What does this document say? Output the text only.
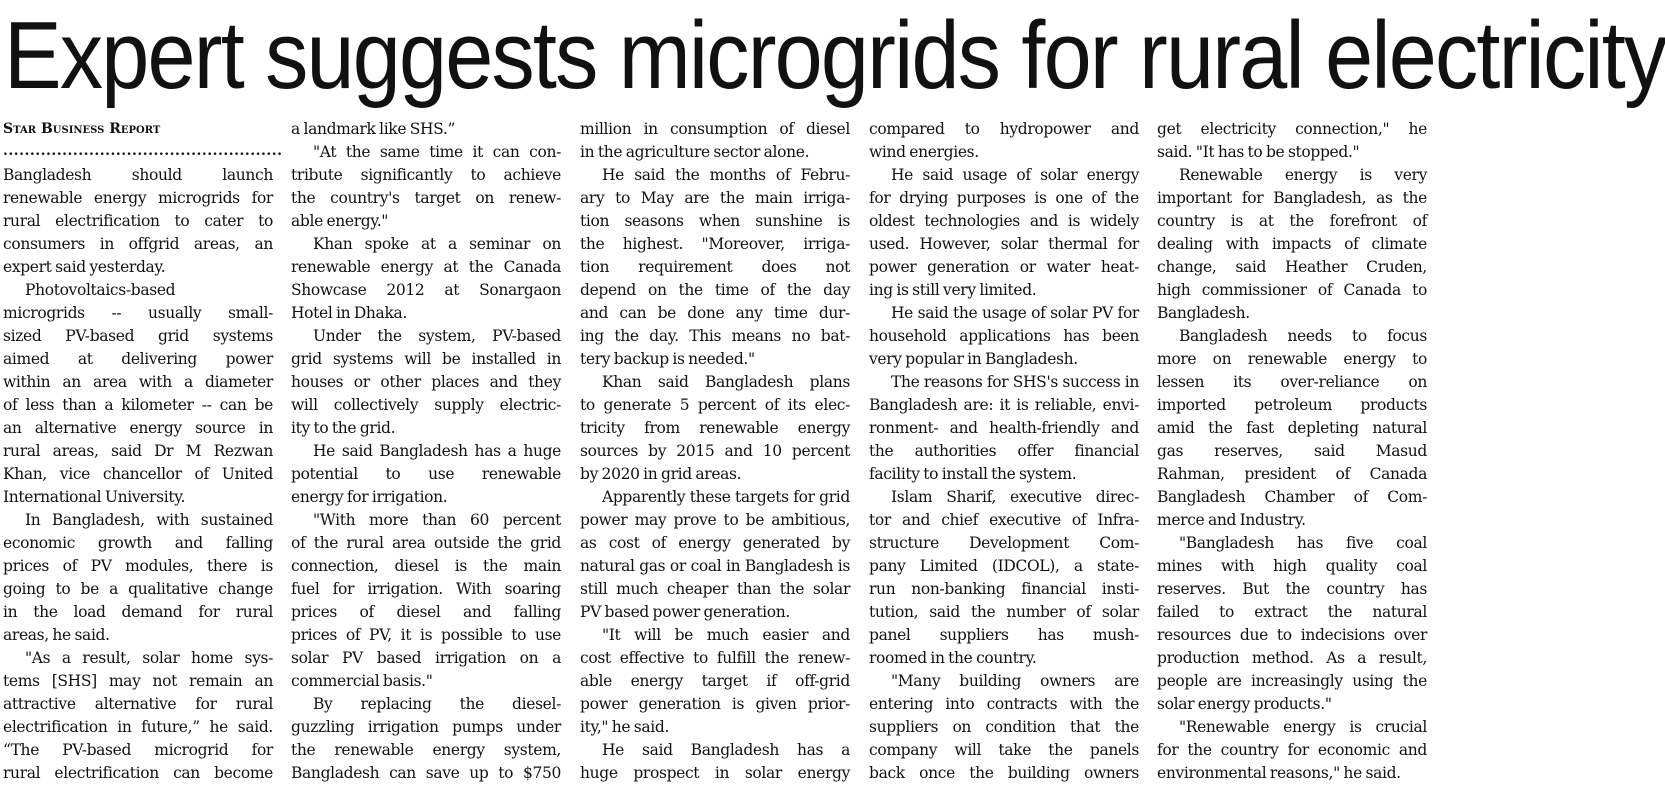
Expert suggests microgrids for rural electricity
Star Business Report
....................................................

Bangladesh should launch

renewable energy microgrids for

rural electrification to cater to

consumers in offgrid areas, an

expert said yesterday.

Photovoltaics-based

microgrids -- usually small-

sized PV-based grid systems

aimed at delivering power

within an area with a diameter

of less than a kilometer -- can be

an alternative energy source in

rural areas, said Dr M Rezwan

Khan, vice chancellor of United

International University.

In Bangladesh, with sustained

economic growth and falling

prices of PV modules, there is

going to be a qualitative change

in the load demand for rural

areas, he said.

"As a result, solar home sys-

tems [SHS] may not remain an

attractive alternative for rural

electrification in future,” he said.

“The PV-based microgrid for

rural electrification can become

a landmark like SHS.”

"At the same time it can con-

tribute significantly to achieve

the country's target on renew-

able energy."

Khan spoke at a seminar on

renewable energy at the Canada

Showcase 2012 at Sonargaon

Hotel in Dhaka.

Under the system, PV-based

grid systems will be installed in

houses or other places and they

will collectively supply electric-

ity to the grid.

He said Bangladesh has a huge

potential to use renewable

energy for irrigation.

"With more than 60 percent

of the rural area outside the grid

connection, diesel is the main

fuel for irrigation. With soaring

prices of diesel and falling

prices of PV, it is possible to use

solar PV based irrigation on a

commercial basis."

By replacing the diesel-

guzzling irrigation pumps under

the renewable energy system,

Bangladesh can save up to $750

million in consumption of diesel

in the agriculture sector alone.

He said the months of Febru-

ary to May are the main irriga-

tion seasons when sunshine is

the highest. "Moreover, irriga-

tion requirement does not

depend on the time of the day

and can be done any time dur-

ing the day. This means no bat-

tery backup is needed."

Khan said Bangladesh plans

to generate 5 percent of its elec-

tricity from renewable energy

sources by 2015 and 10 percent

by 2020 in grid areas.

Apparently these targets for grid

power may prove to be ambitious,

as cost of energy generated by

natural gas or coal in Bangladesh is

still much cheaper than the solar

PV based power generation.

"It will be much easier and

cost effective to fulfill the renew-

able energy target if off-grid

power generation is given prior-

ity," he said.

He said Bangladesh has a

huge prospect in solar energy

compared to hydropower and

wind energies.

He said usage of solar energy

for drying purposes is one of the

oldest technologies and is widely

used. However, solar thermal for

power generation or water heat-

ing is still very limited.

He said the usage of solar PV for

household applications has been

very popular in Bangladesh.

The reasons for SHS's success in

Bangladesh are: it is reliable, envi-

ronment- and health-friendly and

the authorities offer financial

facility to install the system.

Islam Sharif, executive direc-

tor and chief executive of Infra-

structure Development Com-

pany Limited (IDCOL), a state-

run non-banking financial insti-

tution, said the number of solar

panel suppliers has mush-

roomed in the country.

"Many building owners are

entering into contracts with the

suppliers on condition that the

company will take the panels

back once the building owners

get electricity connection," he

said. "It has to be stopped."

Renewable energy is very

important for Bangladesh, as the

country is at the forefront of

dealing with impacts of climate

change, said Heather Cruden,

high commissioner of Canada to

Bangladesh.

Bangladesh needs to focus

more on renewable energy to

lessen its over-reliance on

imported petroleum products

amid the fast depleting natural

gas reserves, said Masud

Rahman, president of Canada

Bangladesh Chamber of Com-

merce and Industry.

"Bangladesh has five coal

mines with high quality coal

reserves. But the country has

failed to extract the natural

resources due to indecisions over

production method. As a result,

people are increasingly using the

solar energy products."

"Renewable energy is crucial

for the country for economic and

environmental reasons," he said.
